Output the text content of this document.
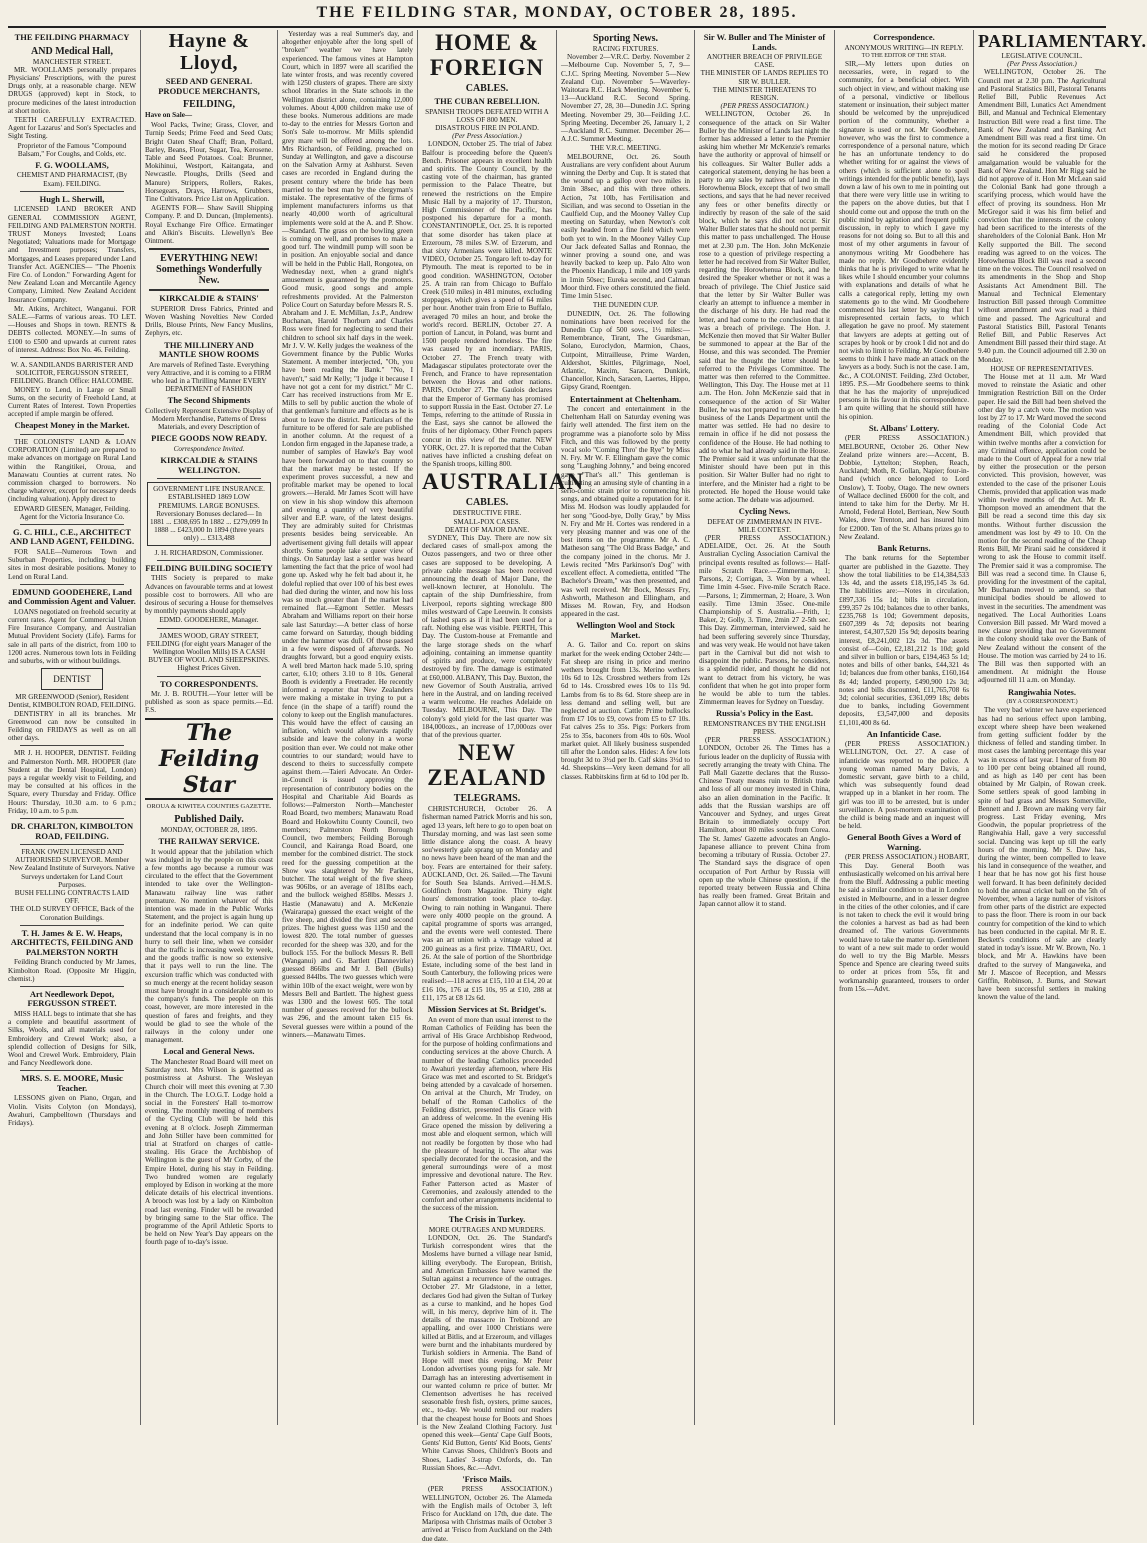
THE FEILDING STAR, MONDAY, OCTOBER 28, 1895.
THE FEILDING PHARMACY
AND Medical Hall,
MANCHESTER STREET.

MR. WOOLLAMS personally prepares Physicians' Prescriptions, with the purest Drugs only, at a reasonable charge. NEW DRUGS (approved) kept in Stock, to procure medicines of the latest introduction at short notice.

TEETH CAREFULLY EXTRACTED. Agent for Lazarus' and Son's Spectacles and Sight Testing.

Proprietor of the Famous "Compound Balsam," For Coughs, and Colds, etc.
F. G. WOOLLAMS,
CHEMIST AND PHARMACIST, (By Exam). FEILDING.
Hugh L. Sherwill,

LICENSED LAND BROKER AND GENERAL COMMISSION AGENT, FEILDING AND PALMERSTON NORTH. TRUST Moneys Invested; Loans Negotiated; Valuations made for Mortgage and Investment purposes; Transfers, Mortgages, and Leases prepared under Land Transfer Act. AGENCIES— "The Phoenix Fire Co. of London." Forwarding Agent for New Zealand Loan and Mercantile Agency Company, Limited. New Zealand Accident Insurance Company.

Mr. Atkins, Architect, Wanganui. FOR SALE.—Farms of various areas. TO LET.—Houses and Shops in town. RENTS & DEBTS collected. MONEY.—In sums of £100 to £500 and upwards at current rates of interest. Address: Box No. 46. Feilding.

W. A. SANDILANDS BARRISTER AND SOLICITOR, FERGUSSON STREET, FEILDING. Branch Office: HALCOMBE.

MONEY to Lend, in Large or Small Sums, on the security of Freehold Land, at Current Rates of Interest. Town Properties accepted if ample margin be offered.

Cheapest Money in the Market.

THE COLONISTS' LAND & LOAN CORPORATION (Limited) are prepared to make advances on mortgage on Rural Land within the Rangitikei, Oroua, and Manawatu Counties at current rates. No commission charged to borrowers. No charge whatever, except for necessary deeds (including valuation). Apply direct to

EDWARD GIESEN, Manager, Feilding.
Agent for the Victoria Insurance Co.
G. C. HILL, C.E., ARCHITECT AND LAND AGENT, FEILDING.

FOR SALE—Numerous Town and Suburban Properties, including building sites in most desirable positions. Money to Lend on Rural Land.

EDMUND GOODEHERE, Land and Commission Agent and Valuer.

LOANS negotiated on freehold security at current rates. Agent for Commercial Union Fire Insurance Company, and Australian Mutual Provident Society (Life). Farms for sale in all parts of the district, from 100 to 1200 acres. Numerous town lots in Feilding and suburbs, with or without buildings.

DENTIST
MR GREENWOOD (Senior), Resident Dentist, KIMBOLTON ROAD, FEILDING.

DENTISTRY in all its branches. Mr Greenwood can now be consulted in Feilding on FRIDAYS as well as on all other days.

MR J. H. HOOPER, DENTIST. Feilding and Palmerston North. MR. HOOPER (late Student at the Dental Hospital, London) pays a regular weekly visit to Feilding, and may be consulted at his offices in the Square, every Thursday and Friday. Office Hours: Thursday, 10.30 a.m. to 6 p.m.; Friday, 10 a.m. to 5 p.m.

DR. CHARLTON, KIMBOLTON ROAD, FEILDING.
FRANK OWEN LICENSED AND AUTHORISED SURVEYOR. Member New Zealand Institute of Surveyors. Native Surveys undertaken for Land Court Purposes.
BUSH FELLING CONTRACTS LAID OFF.
THE OLD SURVEY OFFICE, Back of the Coronation Buildings.
T. H. James & E. W. Heaps, ARCHITECTS, FEILDING AND PALMERSTON NORTH

Feilding Branch conducted by Mr James, Kimbolton Road. (Opposite Mr Higgin, chemist.)

Art Needlework Depot, FERGUSSON STREET.

MISS HALL begs to intimate that she has a complete and beautiful assortment of Silks, Wools, and all materials used for Embroidery and Crewel Work; also, a splendid collection of Designs for Silk, Wool and Crewel Work. Embroidery, Plain and Fancy Needlework done.

MRS. S. E. MOORE, Music Teacher.

LESSONS given on Piano, Organ, and Violin. Visits Colyton (on Mondays), Awahuri, Campbelltown (Thursdays and Fridays).

Hayne & Lloyd,
SEED AND GENERAL PRODUCE MERCHANTS,
FEILDING,
Have on Sale—

Wool Packs, Twine; Grass, Clover, and Turnip Seeds; Prime Feed and Seed Oats; Bright Oaten Sheaf Chaff; Bran, Pollard, Barley, Beans, Flour, Sugar, Tea, Kerosene. Table and Seed Potatoes. Coal: Brunner, Mokihinui, Westport, Kaitangata, and Newcastle. Ploughs, Drills (Seed and Manure) Strippers, Rollers, Rakes, Horsegears, Drays, Harrows, Grubbers, Tine Cultivators. Price List on Application.

AGENTS FOR— Shaw Savill Shipping Company. P. and D. Duncan, (Implements). Royal Exchange Fire Office. Ermatinger and Alkin's Biscuits. Llewellyn's Bee Ointment.

EVERYTHING NEW! Somethings Wonderfully New.
KIRKCALDIE & STAINS'

SUPERIOR Dress Fabrics, Printed and Woven Washing Novelties New Corded Drills, Blouse Prints, New Fancy Muslins, Zephyrs, etc.

THE MILLINERY AND MANTLE SHOW ROOMS
Are marvels of Refined Taste. Everything very Attractive, and it is coming to a FIRM who lead in a Thrilling Manner EVERY DEPARTMENT of FASHION
The Second Shipments
Collectively Represent Extensive Display of Modern Merchandise, Patterns of Dress Materials, and every Description of
PIECE GOODS NOW READY.
Correspondence Invited.
KIRKCALDIE & STAINS WELLINGTON.
GOVERNMENT LIFE INSURANCE. ESTABLISHED 1869 LOW PREMIUMS. LARGE BONUSES. Reversionary Bonuses declared— In 1881 ... £308,695 In 1882 ... £279,099 In 1888 ... £423,000 In 1894 (three years only) ... £313,488
J. H. RICHARDSON, Commissioner.
FEILDING BUILDING SOCIETY

THIS Society is prepared to make Advances on favourable terms and at lowest possible cost to borrowers. All who are desirous of securing a House for themselves by monthly payments should apply

EDMD. GOODEHERE, Manager.
JAMES WOOD, GRAY STREET, FEILDING (for eight years Manager of the Wellington Woollen Mills) IS A CASH BUYER OF WOOL AND SHEEPSKINS. Highest Prices Given.
TO CORRESPONDENTS.

Mr. J. B. ROUTH.—Your letter will be published as soon as space permits.—Ed. F.S.

The Feilding Star
OROUA & KIWITEA COUNTIES GAZETTE.
Published Daily.
MONDAY, OCTOBER 28, 1895.
THE RAILWAY SERVICE.

It would appear that the jubilation which was indulged in by the people on this coast a few months ago because a rumour was circulated to the effect that the Government intended to take over the Wellington-Manawatu railway line was rather premature. No mention whatever of this intention was made in the Public Works Statement, and the project is again hung up for an indefinite period. We can quite understand that the local company is in no hurry to sell their line, when we consider that the traffic is increasing week by week, and the goods traffic is now so extensive that it pays well to run the line. The excursion traffic which was conducted with so much energy at the recent holiday season must have brought in a considerable sum to the company's funds. The people on this coast, however, are more interested in the question of fares and freights, and they would be glad to see the whole of the railways in the colony under one management.

Local and General News.

The Manchester Road Board will meet on Saturday next. Mrs Wilson is gazetted as postmistress at Ashurst. The Wesleyan Church choir will meet this evening at 7.30 in the Church. The I.O.G.T. Lodge hold a social in the Foresters' Hall to-morrow evening. The monthly meeting of members of the Cycling Club will be held this evening at 8 o'clock. Joseph Zimmerman and John Stiller have been committed for trial at Stratford on charges of cattle-stealing. His Grace the Archbishop of Wellington is the guest of Mr Corby, of the Empire Hotel, during his stay in Feilding. Two hundred women are regularly employed by Edison in working at the more delicate details of his electrical inventions. A brooch was lost by a lady on Kimbolton road last evening. Finder will be rewarded by bringing same to the Star office. The programme of the April Athletic Sports to be held on New Year's Day appears on the fourth page of to-day's issue.

Yesterday was a real Summer's day, and altogether enjoyable after the long spell of "broken" weather we have lately experienced. The famous vines at Hampton Court, which in 1897 were all scarified the late winter frosts, and was recently covered with 1250 clusters of grapes. There are sixty school libraries in the State schools in the Wellington district alone, containing 12,000 volumes. About 4,000 children make use of these books. Numerous additions are made to-day to the entries for Messrs Gorton and Son's Sale to-morrow. Mr Mills splendid grey mare will be offered among the lots. Mrs Richardson, of Feilding, preached on Sunday at Wellington, and gave a discourse on the Salvation Army at Ashhurst. Seven cases are recorded in England during the present century where the bride has been married to the best man by the clergyman's mistake. The representative of the firms of implement manufacturers informs us that nearly 40,000 worth of agricultural implements were sold at the A. and P. Show.—Standard. The grass on the bowling green is coming on well, and promises to make a good turf. The windmill pump will soon be in position. An enjoyable social and dance will be held in the Public Hall, Rongotea, on Wednesday next, when a grand night's amusement is guaranteed by the promoters. Good music, good songs and ample refreshments provided. At the Palmerston Police Court on Saturday before Messrs R. S. Abraham and J. E. McMillan, J.s.P., Andrew Buchanan, Harold Thorburn and Charles Ross were fined for neglecting to send their children to school six half days in the week. Mr J. V. W. Kelly judges the weakness of the Government finance by the Public Works Statement. A member interjected, "Oh, you have been reading the Bank." "No, I haven't," said Mr Kelly; "I judge it because I have not got a cent for my district." Mr C. Carr has received instructions from Mr E. Mills to sell by public auction the whole of that gentleman's furniture and effects as he is about to leave the district. Particulars of the furniture to be offered for sale are published in another column. At the request of a London firm engaged in the Japanese trade, a number of samples of Hawke's Bay wool have been forwarded on to that country so that the market may be tested. If the experiment proves successful, a new and profitable market may be opened to local growers.—Herald. Mr James Scott will have on view in his shop window this afternoon and evening a quantity of very beautiful silver and E.P. ware, of the latest designs. They are admirably suited for Christmas presents besides being serviceable. An advertisement giving full details will appear shortly. Some people take a queer view of things. On Saturday last a settler was heard lamenting the fact that the price of wool had gone up. Asked why he felt bad about it, he doleful replied that over 100 of his best ewes had died during the winter, and now his loss was so much greater than if the market had remained flat.—Egmont Settler. Messrs Abraham and Williams report on their horse sale last Saturday:—A better class of horse came forward on Saturday, though bidding under the hammer was dull. Of those passed in a few were disposed of afterwards. No draughts forward, but a good enquiry exists. A well bred Marton hack made 5.10, spring carter, 6.10; others 3.10 to 8 10s. General Booth is evidently a Freetrader. He recently informed a reporter that New Zealanders were making a mistake in trying to put a fence (in the shape of a tariff) round the colony to keep out the English manufactures. This would have the effect of causing an inflation, which would afterwards rapidly subside and leave the colony in a worse position than ever. We could not make other countries to our standard; would have to descend to theirs to successfully compete against them.—Taieri Advocate. An Order-in-Council is issued approving the representation of contributory bodies on the Hospital and Charitable Aid Boards as follows:—Palmerston North—Manchester Road Board, two members; Manawatu Road Board and Hokowhitu County Council, two members; Palmerston North Borough Council, two members; Feilding Borough Council, and Kairanga Road Board, one member for the combined district. The stock reed for the guessing competition at the Show was slaughtered by Mr Parkins, butcher. The total weight of the five sheep was 906lbs, or an average of 181lbs each, and the bullock weighed 858lbs. Messrs J. Hastie (Manawatu) and A. McKenzie (Wairarapa) guessed the exact weight of the five sheep, and divided the first and second prizes. The highest guess was 1150 and the lowest 820. The total number of guesses recorded for the sheep was 320, and for the bullock 155. For the bullock Messrs R. Bell (Wanganui) and G. Bartlett (Dannevirke) guessed 866lbs and Mr J. Bell (Bulls) guessed 844lbs. The two guesses which were within 10lb of the exact weight, were won by Messrs Bell and Bartlett. The highest guess was 1300 and the lowest 605. The total number of guesses received for the bullock was 296, and the amount taken £15 6s. Several guesses were within a pound of the winners.—Manawatu Times.

HOME & FOREIGN
CABLES.
THE CUBAN REBELLION.
SPANISH TROOPS DEFEATED WITH A LOSS OF 800 MEN.
DISASTROUS FIRE IN POLAND.
(Per Press Association.)

LONDON, October 25. The trial of Jabez Balfour is proceeding before the Queen's Bench. Prisoner appears in excellent health and spirits. The County Council, by the casting vote of the chairman, has granted permission to the Palace Theatre, but renewed the restrictions on the Empire Music Hall by a majority of 17. Thurston, High Commissioner of the Pacific, has postponed his departure for a month. CONSTANTINOPLE, Oct. 25. It is reported that some disorder has taken place at Erzeroum, 78 miles S.W. of Erzerum, and that sixty Armenians were killed. MONTE VIDEO, October 25. Tongaro left to-day for Plymouth. The meat is reported to be in good condition. WASHINGTON, October 25. A train ran from Chicago to Buffalo Creek (510 miles) in 481 minutes, excluding stoppages, which gives a speed of 64 miles per hour. Another train from Erie to Buffalo, averaged 70 miles an hour, and broke the world's record. BERLIN, October 27. A portion of Lancut, in Poland, was burnt and 1500 people rendered homeless. The fire was caused by an incendiary. PARIS, October 27. The French treaty with Madagascar stipulates protectorate over the French, and France to have representation between the Hovas and other nations. PARIS, October 27. The Gaulois declares that the Emperor of Germany has promised to support Russia in the East. October 27. Le Temps, referring to the attitude of Russia in the East, says she cannot be allowed the fruits of her diplomacy. Other French papers concur in this view of the matter. NEW YORK, Oct. 27. It is reported that the Cuban natives have inflicted a crushing defeat on the Spanish troops, killing 800.

AUSTRALIAN
CABLES.
DESTRUCTIVE FIRE.
SMALL-POX CASES.
DEATH OF MAJOR DANE.

SYDNEY, This Day. There are now six declared cases of small-pox among the Ouzos passengers, and two or three other cases are supposed to be developing. A private cable message has been received announcing the death of Major Dane, the well-known lecturer, at Honolulu. The captain of the ship Dumfriesshire, from Liverpool, reports sighting wreckage 800 miles westward of Cape Leeuwin. It consists of lashed spars as if it had been used for a raft. Nothing else was visible. PERTH, This Day. The Custom-house at Fremantle and the large storage sheds on the wharf adjoining, containing an immense quantity of spirits and produce, were completely destroyed by fire. The damage is estimated at £60,000. ALBANY, This Day. Buxton, the new Governor of South Australia, arrived here in the Austral, and on landing received a warm welcome. He reaches Adelaide on Tuesday. MELBOURNE, This Day. The colony's gold yield for the last quarter was 184,000ozs., an increase of 17,000ozs over that of the previous quarter.

NEW ZEALAND
TELEGRAMS.

CHRISTCHURCH, October 26. A fisherman named Patrick Morris and his son, aged 13 years, left here to go to open boat on Thursday morning, and was last seen some little distance along the coast. A heavy sou'westerly gale sprang up on Monday and no news have been heard of the man and the boy. Fears are entertained for their safety. AUCKLAND, Oct. 26. Sailed.—The Tavuni for South Sea Islands. Arrived.—H.M.S. Goldfinch from Magazine. Thirty eight hours' demonstration took place to-day. Owing to rain nothing in Wanganui. There were only 4000 people on the ground. A capital programme of sports was arranged, and the events were well contested. There was an art union with a vintage valued at 200 guineas as a first prize. TIMARU, Oct. 26. At the sale of portion of the Shortbridge Estate, including some of the best land in South Canterbury, the following prices were realised:—118 acres at £15, 110 at £14, 20 at £16 10s, 176 at £15 10s, 95 at £10, 288 at £11, 175 at £8 12s 6d.

Mission Services at St. Bridget's.

An event of more than usual interest to the Roman Catholics of Feilding has been the arrival of His Grace Archbishop Redwood, for the purpose of holding confirmations and conducting services at the above Church. A number of the leading Catholics proceeded to Awahuri yesterday afternoon, where His Grace was met and escorted to St. Bridget's being attended by a cavalcade of horsemen. On arrival at the Church, Mr Trudey, on behalf of the Roman Catholics of the Feilding district, presented His Grace with an address of welcome. In the evening His Grace opened the mission by delivering a most able and eloquent sermon, which will not readily be forgotten by those who had the pleasure of hearing it. The altar was specially decorated for the occasion, and the general surroundings were of a most impressive and devotional nature. The Rev. Father Patterson acted as Master of Ceremonies, and zealously attended to the comfort and other arrangements incidental to the success of the mission.

The Crisis in Turkey.
MORE OUTRAGES AND MURDERS.

LONDON, Oct. 26. The Standard's Turkish correspondent wires that the Moslems have burned a village near Ismid, killing everybody. The European, British, and American Embassies have warned the Sultan against a recurrence of the outrages. October 27. Mr Gladstone, in a letter, declares God had given the Sultan of Turkey as a curse to mankind, and he hopes God will, in his mercy, deprive him of it. The details of the massacre in Trebizond are appalling, and over 1000 Christians were killed at Bitlis, and at Erzeroum, and villages were burnt and the inhabitants murdered by Turkish soldiers in Armenia. The Band of Hope will meet this evening. Mr Peter London advertises young pigs for sale. Mr Darragh has an interesting advertisement in our wanted column re price of butter. Mr Clementson advertises he has received seasonable fresh fish, oysters, prime sauces, etc., to-day. We would remind our readers that the cheapest house for Boots and Shoes is the New Zealand Clothing Factory. Just opened this week—Genta' Cape Gulf Boots, Gents' Kid Button, Gents' Kid Boots, Gents' White Canvas Shoes, Children's Boots and Shoes, Ladies' 3-strap Oxfords, do. Tan Russian Shoes, &c.—Advt.

'Frisco Mails.

(PER PRESS ASSOCIATION.) WELLINGTON, October 26. The Alameda with the English mails of October 3, left Frisco for Auckland on 17th, due date. The Mariposa with Christmas mails of October 3 arrived at 'Frisco from Auckland on the 24th due date.

Sporting News.
RACING FIXTURES.

November 2—V.R.C. Derby. November 2—Melbourne Cup. November 5, 7, 9—C.J.C. Spring Meeting. November 5—New Zealand Cup. November 5—Waverley-Waitotara R.C. Hack Meeting. November 6, 13—Auckland R.C. Second Spring. November 27, 28, 30—Dunedin J.C. Spring Meeting. November 29, 30—Feilding J.C. Spring Meeting. December 26, January 1, 2—Auckland R.C. Summer. December 26—A.J.C. Summer Meeting.

THE V.R.C. MEETING.

MELBOURNE, Oct. 26. South Australians are very confident about Aurum winning the Derby and Cup. It is stated that the wound up a gallop over two miles in 3min 38sec, and this with three others. Action, 7st 10lb, has Fertilisation and Sicilian, and was second to Ossetian in the Caulfield Cup, and the Mooney Valley Cup meeting on Saturday, when Newton's colt easily headed from a fine field which were both yet to win. In the Mooney Valley Cup Our Jack defeated Sallas and Ronnao, the winner proving a sound one, and was heavily backed to keep up. Palo Alto won the Phoenix Handicap, 1 mile and 109 yards in 1min 50sec; Eureka second, and Calman Moor third. Five others constituted the field. Time 1min 51sec.

THE DUNEDIN CUP.

DUNEDIN, Oct. 26. The following nominations have been received for the Dunedin Cup of 500 sovs., 1½ miles:—Remembrance, Tirant, The Guardsman, Solano, Euroclydon, Marmion, Chaos, Cutpoint, Mitrailleuse, Prime Warden, Aldershot, Skittles, Pilgrimage, Noel, Atlantic, Maxim, Saracen, Dunkirk, Chancellor, Kinch, Saracen, Laertes, Hippo, Gipsy Grand, Roentgen.

Entertainment at Cheltenham.

The concert and entertainment in the Cheltenham Hall on Saturday evening was fairly well attended. The first item on the programme was a pianoforte solo by Miss Fitch, and this was followed by the pretty vocal solo "Coming Thro' the Rye" by Miss N. Fry. Mr W. F. Ellingham gave the comic song "Laughing Johnny," and being encored gave "That's all." This gentleman is cultivating an amusing style of chanting in a serio-comic strain prior to commencing his songs, and obtained quite a reputation for it. Miss M. Hodson was loudly applauded for her song "Good-bye, Dolly Gray," by Miss N. Fry and Mr H. Cortes was rendered in a very pleasing manner and was one of the best items on the programme. Mr A. C. Matheson sang "The Old Brass Badge," and the company joined in the chorus. Mr J. Lewis recited "Mrs Parkinson's Dog" with excellent effect. A comedietta, entitled "The Bachelor's Dream," was then presented, and was well received. Mr Bock, Messrs Fry, Ashworth, Matheson and Ellingham, and Misses M. Rowan, Fry, and Hodson appeared in the cast.

Wellington Wool and Stock Market.

A. G. Tailor and Co. report on skins market for the week ending October 24th:—Fat sheep are rising in price and merino wethers brought from 13s. Merino wethers 10s 6d to 12s. Crossbred wethers from 12s 6d to 14s. Crossbred ewes 10s to 11s 9d. Lambs from 6s to 8s 6d. Store sheep are in less demand and selling well, but are neglected at auction. Cattle: Prime bullocks from £7 10s to £9, cows from £5 to £7 10s. Fat calves 25s to 35s. Pigs: Porkers from 25s to 35s, baconers from 40s to 60s. Wool market quiet. All likely business suspended till after the London sales. Hides: A few lots brought 3d to 3½d per lb. Calf skins 3½d to 4d. Sheepskins—Very keen demand for all classes. Rabbitskins firm at 6d to 10d per lb.

Sir W. Buller and The Minister of Lands.
ANOTHER BREACH OF PRIVILEGE CASE.
THE MINISTER OF LANDS REPLIES TO SIR W. BULLER.
THE MINISTER THREATENS TO RESIGN.
(PER PRESS ASSOCIATION.)

WELLINGTON, October 26. In consequence of the attack on Sir Walter Buller by the Minister of Lands last night the former has addressed a letter to the Premier asking him whether Mr McKenzie's remarks have the authority or approval of himself or his colleagues. Sir Walter Buller adds a categorical statement, denying he has been a party to any sales by natives of land in the Horowhenua Block, except that of two small sections, and says that he had never received any fees or other benefits directly or indirectly by reason of the sale of the said block, which he says did not occur. Sir Walter Buller states that he should not permit this matter to pass unchallenged. The House met at 2.30 p.m. The Hon. John McKenzie rose to a question of privilege respecting a letter he had received from Sir Walter Buller, regarding the Horowhenua Block, and he desired the Speaker whether or not it was a breach of privilege. The Chief Justice said that the letter by Sir Walter Buller was clearly an attempt to influence a member in the discharge of his duty. He had read the letter, and had come to the conclusion that it was a breach of privilege. The Hon. J. McKenzie then moved that Sir Walter Buller be summoned to appear at the Bar of the House, and this was seconded. The Premier said that he thought the letter should be referred to the Privileges Committee. The matter was then referred to the Committee. Wellington, This Day. The House met at 11 a.m. The Hon. John McKenzie said that in consequence of the action of Sir Walter Buller, he was not prepared to go on with the business of the Lands Department until the matter was settled. He had no desire to remain in office if he did not possess the confidence of the House. He had nothing to add to what he had already said in the House. The Premier said it was unfortunate that the Minister should have been put in this position. Sir Walter Buller had no right to interfere, and the Minister had a right to be protected. He hoped the House would take some action. The debate was adjourned.

Cycling News.
DEFEAT OF ZIMMERMAN IN FIVE-MILE CONTEST.

(PER PRESS ASSOCIATION.) ADELAIDE, Oct. 26. At the South Australian Cycling Association Carnival the principal events resulted as follows:— Half-mile Scratch Race.—Zimmerman, 1; Parsons, 2; Corrigan, 3. Won by a wheel. Time 1min 4-5sec. Five-mile Scratch Race.—Parsons, 1; Zimmerman, 2; Hoare, 3. Won easily. Time 13min 35sec. One-mile Championship of S. Australia.—Frith, 1; Baker, 2; Golly, 3. Time, 2min 27 2-5th sec. This Day. Zimmerman, interviewed, said he had been suffering severely since Thursday, and was very weak. He would not have taken part in the Carnival but did not wish to disappoint the public. Parsons, he considers, is a splendid rider, and thought he did not want to detract from his victory, he was confident that when he got into proper form he would be able to turn the tables. Zimmerman leaves for Sydney on Tuesday.

Russia's Policy in the East.
REMONSTRANCES BY THE ENGLISH PRESS.

(PER PRESS ASSOCIATION.) LONDON, October 26. The Times has a furious leader on the duplicity of Russia with secretly arranging the treaty with China. The Pall Mall Gazette declares that the Russo-Chinese Treaty means ruin to British trade and loss of all our money invested in China, also an alien domination in the Pacific. It adds that the Russian warships are off Vancouver and Sydney, and urges Great Britain to immediately occupy Port Hamilton, about 80 miles south from Corea. The St. James' Gazette advocates an Anglo-Japanese alliance to prevent China from becoming a tributary of Russia. October 27. The Standard says the disgrace of open occupation of Port Arthur by Russia will open up the whole Chinese question, if the reported treaty between Russia and China has really been framed. Great Britain and Japan cannot allow it to stand.

Correspondence.
ANONYMOUS WRITING—IN REPLY.
TO THE EDITOR OF THE STAR.

SIR,—My letters upon duties on necessaries, were, in regard to the community, for a beneficial object. With such object in view, and without making use of a personal, vindictive or libellous statement or insinuation, their subject matter should be welcomed by the unprejudiced portion of the community, whether a signature is used or not. Mr Goodbehere, however, who was the first to commence a correspondence of a personal nature, which he has an unfortunate tendency to do whether writing for or against the views of others (which is sufficient alone to spoil writings intended for the public benefit), lays down a law of his own to me in pointing out that there were very little use in writing to the papers on the above duties, but that I should come out and oppose the truth on the public mind by agitation and frequent public discussion, in reply to which I gave my reasons for not doing so. But to all this and most of my other arguments in favour of anonymous writing Mr Goodbehere has made no reply. Mr Goodbehere evidently thinks that he is privileged to write what he likes while I should encumber your columns with explanations and details of what he calls a categorical reply, letting my own statements go to the wind. Mr Goodbehere commenced his last letter by saying that I misrepresented certain facts, to which allegation he gave no proof. My statement that lawyers are adepts at getting out of scrapes by hook or by crook I did not and do not wish to limit to Feilding. Mr Goodbehere seems to think I have made an attack on the lawyers as a body. Such is not the case. I am, &c., A COLONIST. Feilding, 23rd October, 1895. P.S.—Mr Goodbehere seems to think that he has the majority of unprejudiced persons in his favour in this correspondence. I am quite willing that he should still have his opinion.

St. Albans' Lottery.

(PER PRESS ASSOCIATION.) MELBOURNE, October 26. Other New Zealand prize winners are:—Accent, B. Dobbie, Lyttelton; Stephen, Reach, Auckland; Moth, R. Gollan, Napier; four-in-hand (which once belonged to Lord Onslow), T. Tooby, Otago. The new owners of Wallace declined £6000 for the colt, and intend to take him for the Derby. Mr H. Arnold, Federal Hotel, Berriean, New South Wales, drew Trenton, and has insured him for £2000. Ten of the St. Albans prizes go to New Zealand.

Bank Returns.

The bank returns for the September quarter are published in the Gazette. They show the total liabilities to be £14,384,533 13s 4d, and the assets £18,195,145 3s 6d. The liabilities are:—Notes in circulation, £897,336 15s 1d; bills in circulation, £99,357 2s 10d; balances due to other banks, £235,768 1s 10d; Government deposits, £607,399 4s 7d; deposits not bearing interest, £4,307,520 15s 9d; deposits bearing interest, £8,241,002 12s 3d. The assets consist of—Coin, £2,181,212 1s 10d; gold and silver in bullion or bars, £194,463 5s 1d; notes and bills of other banks, £44,321 4s 1d; balances due from other banks, £160,164 8s 4d; landed property, £490,900 12s 3d; notes and bills discounted, £11,765,708 6s 3d; colonial securities, £361,099 18s; debts due to banks, including Government deposits, £3,547,000 and deposits £1,101,400 8s 6d.

An Infanticide Case.

(PER PRESS ASSOCIATION.) WELLINGTON, Oct. 27. A case of infanticide was reported to the police. A young woman named Mary Davis, a domestic servant, gave birth to a child, which was subsequently found dead wrapped up in a blanket in her room. The girl was too ill to be arrested, but is under surveillance. A post-mortem examination of the child is being made and an inquest will be held.

General Booth Gives a Word of Warning.

(PER PRESS ASSOCIATION.) HOBART, This Day. General Booth was enthusiastically welcomed on his arrival here from the Bluff. Addressing a public meeting he said a similar condition to that in London existed in Melbourne, and in a lesser degree in the cities of the other colonies, and if care is not taken to check the evil it would bring the colonies a harvest as bad as had been dreamed of. The various Governments would have to take the matter up. Gentlemen to want of a new suit made to order would do well to try the Big Marble. Messrs Spence and Spence are clearing tweed suits to order at prices from 55s, fit and workmanship guaranteed, trousers to order from 15s.—Advt.

PARLIAMENTARY.
LEGISLATIVE COUNCIL.
(Per Press Association.)

WELLINGTON, October 26. The Council met at 2.30 p.m. The Agricultural and Pastoral Statistics Bill, Pastoral Tenants Relief Bill, Public Revenues Act Amendment Bill, Lunatics Act Amendment Bill, and Manual and Technical Elementary Instruction Bill were read a first time. The Bank of New Zealand and Banking Act Amendment Bill was read a first time. On the motion for its second reading Dr Grace said he considered the proposed amalgamation would be valuable for the Bank of New Zealand. Hon Mr Rigg said he did not approve of it. Hon Mr McLean said the Colonial Bank had gone through a scarifying process, which would have the effect of proving its soundness. Hon Mr McGregor said it was his firm belief and conviction that the interests of the colony had been sacrificed to the interests of the shareholders of the Colonial Bank. Hon Mr Kelly supported the Bill. The second reading was agreed to on the voices. The Horowhenua Block Bill was read a second time on the voices. The Council resolved on its amendments in the Shop and Shop Assistants Act Amendment Bill. The Manual and Technical Elementary Instruction Bill passed through Committee without amendment and was read a third time and passed. The Agricultural and Pastoral Statistics Bill, Pastoral Tenants Relief Bill, and Public Reserves Act Amendment Bill passed their third stage. At 9.40 p.m. the Council adjourned till 2.30 on Monday.

HOUSE OF REPRESENTATIVES.

The House met at 11 a.m. Mr Ward moved to reinstate the Asiatic and other Immigration Restriction Bill on the Order paper. He said the Bill had been shelved the other day by a catch vote. The motion was lost by 27 to 17. Mr Ward moved the second reading of the Colonial Code Act Amendment Bill, which provided that within twelve months after a conviction for any Criminal offence, application could be made to the Court of Appeal for a new trial by either the prosecution or the person convicted. This provision, however, was extended to the case of the prisoner Louis Chemis, provided that application was made within twelve months of the Act. Mr R. Thompson moved an amendment that the Bill be read a second time this day six months. Without further discussion the amendment was lost by 49 to 10. On the motion for the second reading of the Cheap Rents Bill, Mr Pirani said he considered it wrong to ask the House to commit itself. The Premier said it was a compromise. The Bill was read a second time. In Clause 6, providing for the investment of the capital, Mr Buchanan moved to amend, so that municipal bodies should be allowed to invest in the securities. The amendment was negatived. The Local Authorities Loans Conversion Bill passed. Mr Ward moved a new clause providing that no Government in the colony should take over the Bank of New Zealand without the consent of the House. The motion was carried by 24 to 16. The Bill was then supported with an amendment. At midnight the House adjourned till 11 a.m. on Monday.

Rangiwahia Notes.
(BY A CORRESPONDENT.)

The very bad winter we have experienced has had no serious effect upon lambing, except where sheep have been weakened from getting sufficient fodder by the thickness of felled and standing timber. In most cases the lambing percentage this year was in excess of last year. I hear of from 80 to 100 per cent being obtained all round, and as high as 140 per cent has been obtained by Mr Galpin, of Rowan creek. Some settlers speak of good lambing in spite of bad grass and Messrs Somerville, Bennett and J. Brown are making very fair progress. Last Friday evening, Mrs Goodwin, the popular proprietress of the Rangiwahia Hall, gave a very successful social. Dancing was kept up till the early hours of the morning. Mr S. Daw has, during the winter, been compelled to leave his land in consequence of the weather, and I hear that he has now got his first house well forward. It has been definitely decided to hold the annual cricket ball on the 5th of November, when a large number of visitors from other parts of the district are expected to pass the floor. There is room in our back country for competition of the kind to which has been conducted in the capital. Mr R. E. Beckett's conditions of sale are clearly stated in today's issue. Mr W. Brown, No. 1 block, and Mr A. Hawkins have been drafted to the survey of Mangaweka, and Mr J. Mascoe of Reception, and Messrs Griffin, Robinson, J. Burns, and Stewart have been successful settlers in making known the value of the land.
